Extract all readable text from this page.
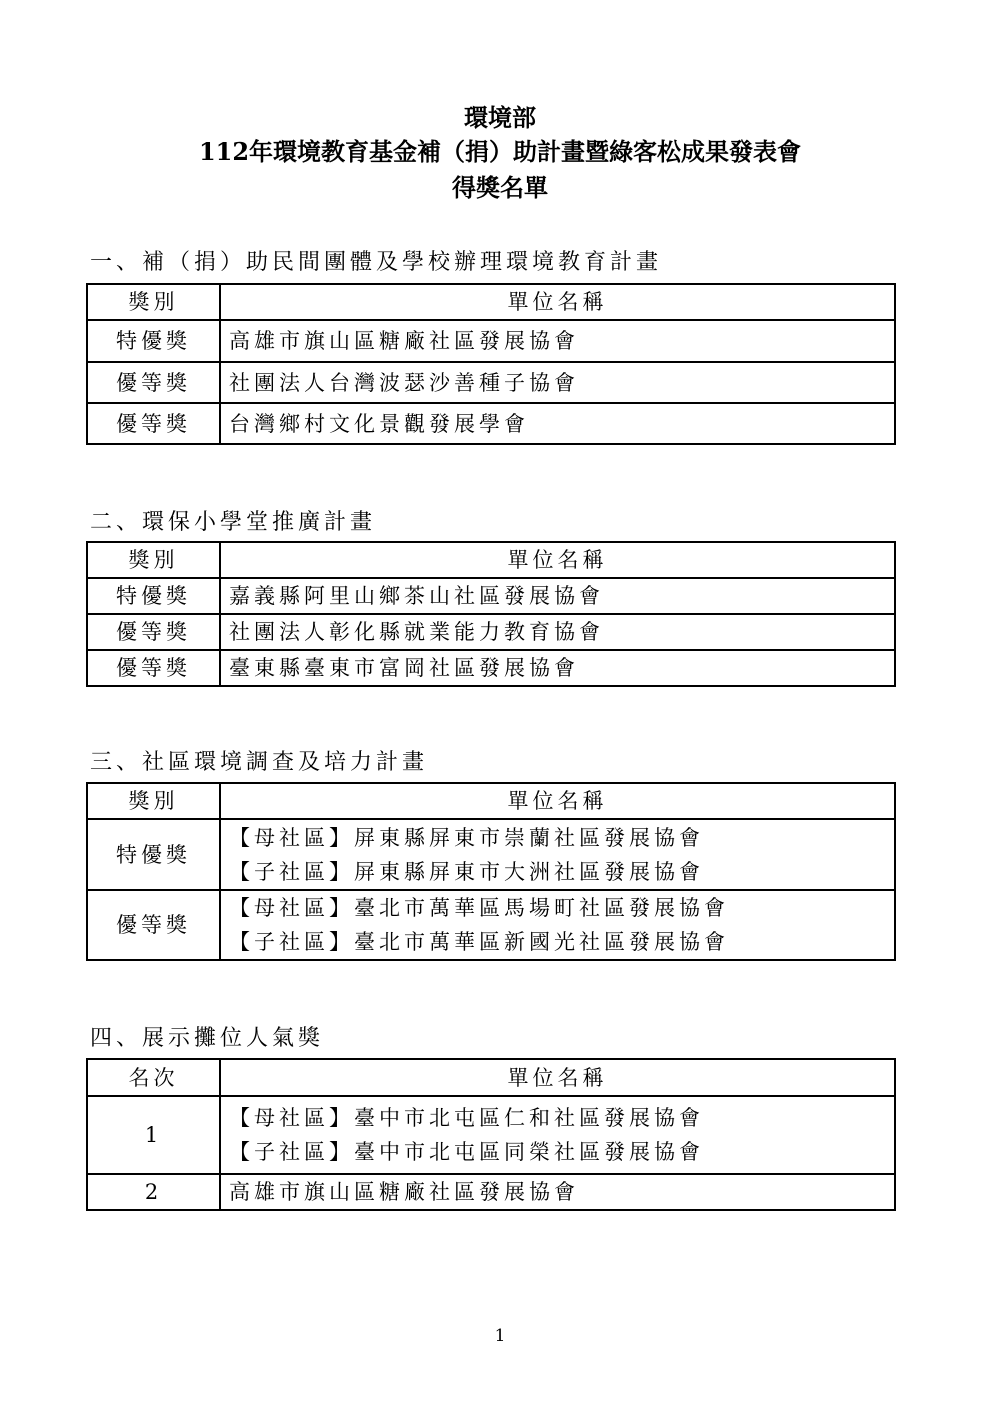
環境部
112年環境教育基金補（捐）助計畫暨綠客松成果發表會
得獎名單
一、補（捐）助民間團體及學校辦理環境教育計畫
獎別	單位名稱
特優獎	高雄市旗山區糖廠社區發展協會

優等獎	社團法人台灣波瑟沙善種子協會

優等獎	台灣鄉村文化景觀發展學會
二、環保小學堂推廣計畫
獎別	單位名稱
特優獎	嘉義縣阿里山鄉茶山社區發展協會

優等獎	社團法人彰化縣就業能力教育協會

優等獎	臺東縣臺東市富岡社區發展協會
三、社區環境調查及培力計畫
獎別	單位名稱
特優獎	【母社區】屏東縣屏東市崇蘭社區發展協會
【子社區】屏東縣屏東市大洲社區發展協會

優等獎	【母社區】臺北市萬華區馬場町社區發展協會
【子社區】臺北市萬華區新國光社區發展協會
四、展示攤位人氣獎
名次	單位名稱
1	【母社區】臺中市北屯區仁和社區發展協會
【子社區】臺中市北屯區同榮社區發展協會

2	高雄市旗山區糖廠社區發展協會
1
